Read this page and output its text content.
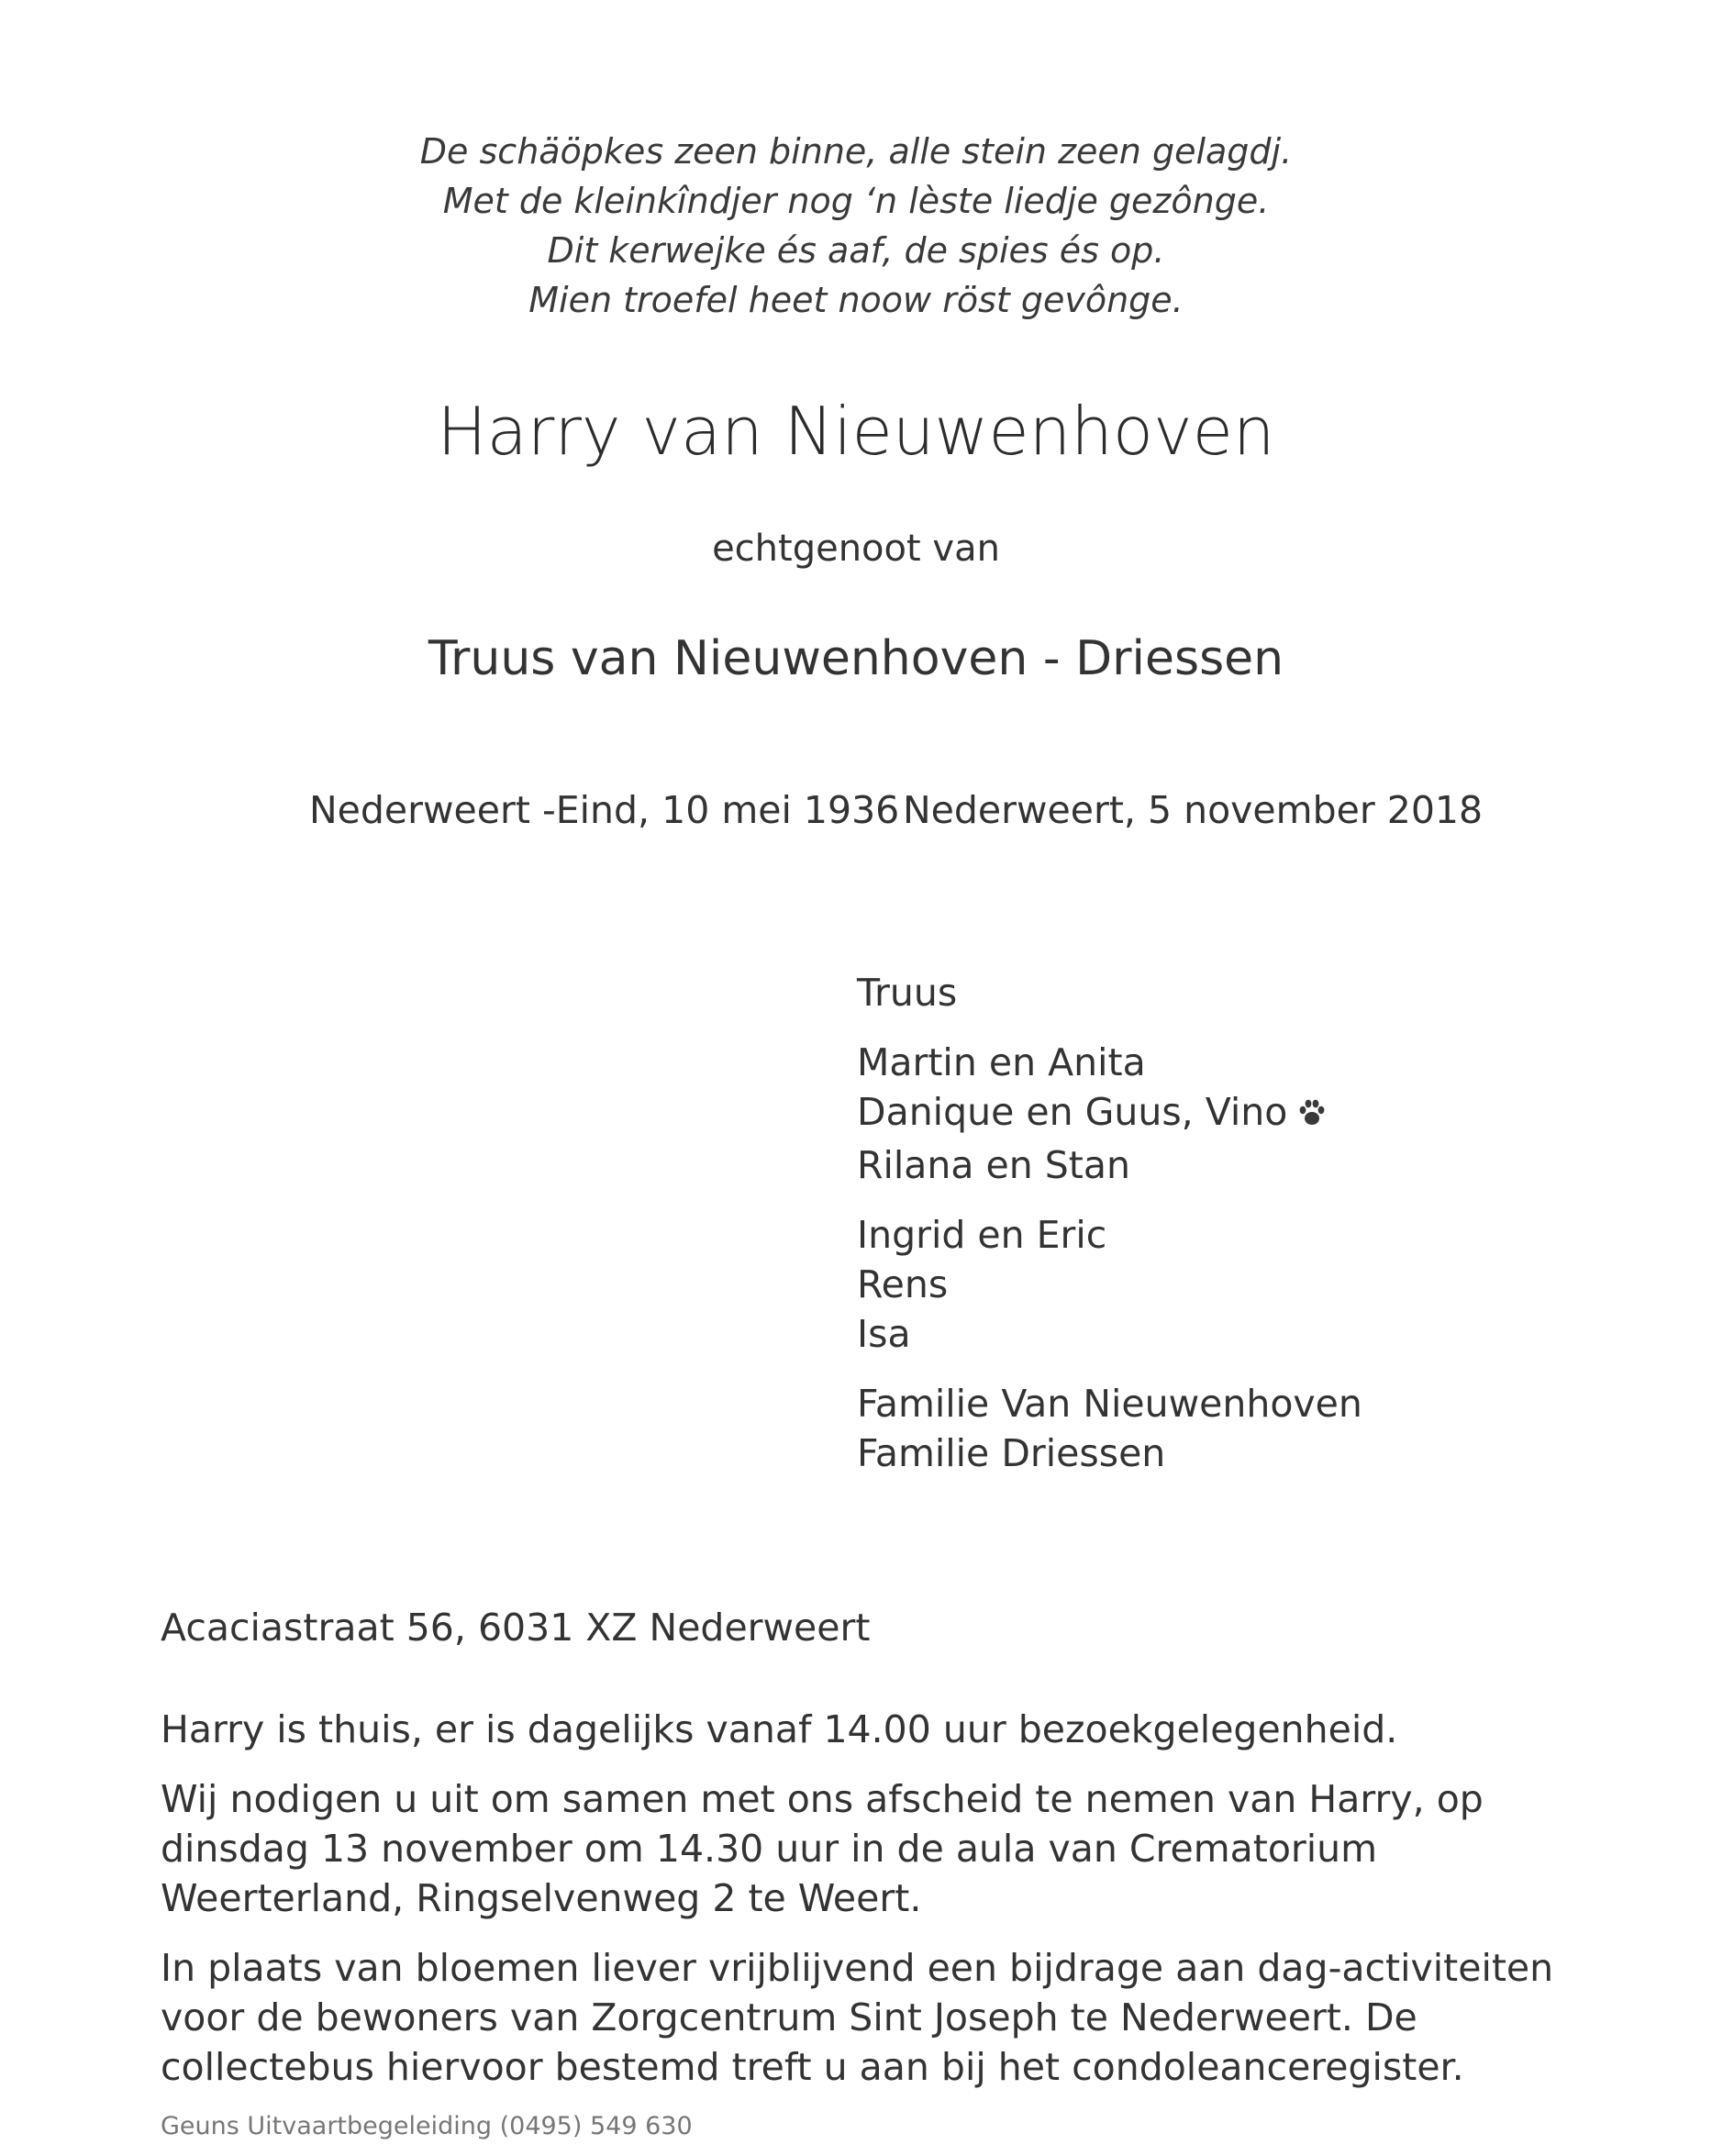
De schäöpkes zeen binne, alle stein zeen gelagdj.
Met de kleinkîndjer nog ‘n lèste liedje gezônge.
Dit kerwejke és aaf, de spies és op.
Mien troefel heet noow röst gevônge.
Harry van Nieuwenhoven
echtgenoot van
Truus van Nieuwenhoven - Driessen
Nederweert -Eind, 10 mei 1936 Nederweert, 5 november 2018
Truus
Martin en Anita
Danique en Guus, Vino
Rilana en Stan
Ingrid en Eric
Rens
Isa
Familie Van Nieuwenhoven
Familie Driessen
Acaciastraat 56, 6031 XZ Nederweert

Harry is thuis, er is dagelijks vanaf 14.00 uur bezoekgelegenheid.

Wij nodigen u uit om samen met ons afscheid te nemen van Harry, op dinsdag 13 november om 14.30 uur in de aula van Crematorium Weerterland, Ringselvenweg 2 te Weert.

In plaats van bloemen liever vrijblijvend een bijdrage aan dag-activiteiten voor de bewoners van Zorgcentrum Sint Joseph te Nederweert. De collectebus hiervoor bestemd treft u aan bij het condoleanceregister.

Geuns Uitvaartbegeleiding (0495) 549 630
